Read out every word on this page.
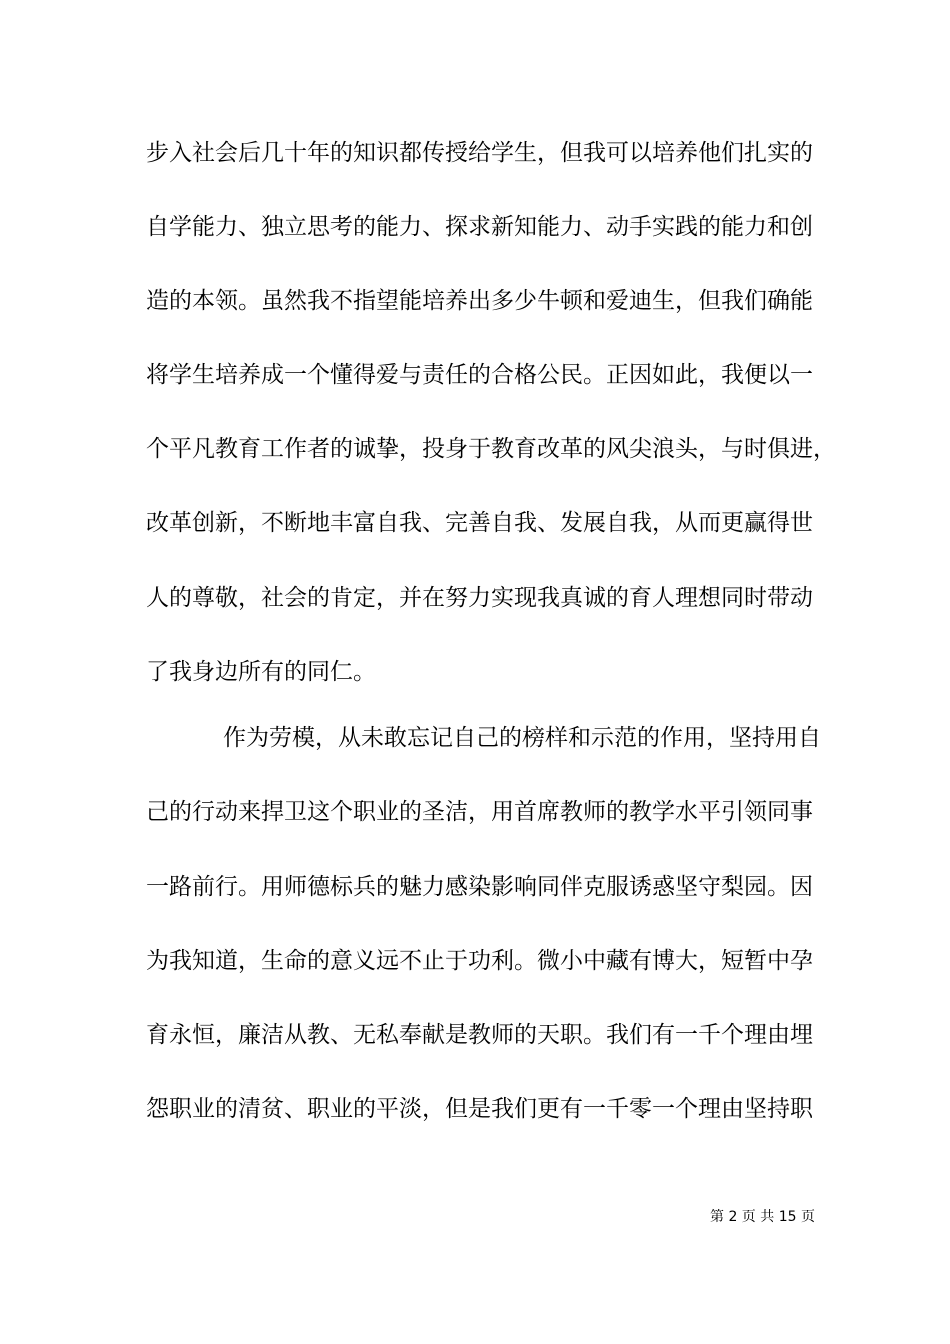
步入社会后几十年的知识都传授给学生，但我可以培养他们扎实的
自学能力、独立思考的能力、探求新知能力、动手实践的能力和创
造的本领。虽然我不指望能培养出多少牛顿和爱迪生，但我们确能
将学生培养成一个懂得爱与责任的合格公民。正因如此，我便以一
个平凡教育工作者的诚挚，投身于教育改革的风尖浪头，与时俱进，
改革创新，不断地丰富自我、完善自我、发展自我，从而更赢得世
人的尊敬，社会的肯定，并在努力实现我真诚的育人理想同时带动
了我身边所有的同仁。
作为劳模，从未敢忘记自己的榜样和示范的作用，坚持用自
己的行动来捍卫这个职业的圣洁，用首席教师的教学水平引领同事
一路前行。用师德标兵的魅力感染影响同伴克服诱惑坚守梨园。因
为我知道，生命的意义远不止于功利。微小中藏有博大，短暂中孕
育永恒，廉洁从教、无私奉献是教师的天职。我们有一千个理由埋
怨职业的清贫、职业的平淡，但是我们更有一千零一个理由坚持职
第 2 页 共 15 页
